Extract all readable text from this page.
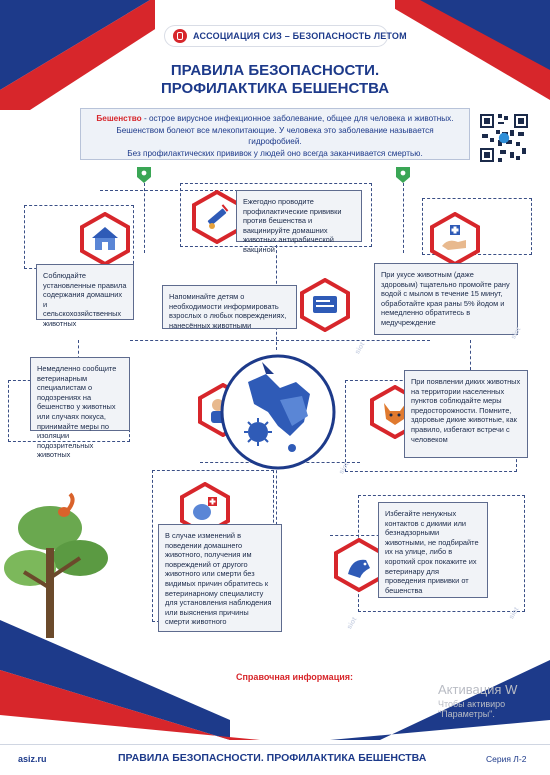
АССОЦИАЦИЯ СИЗ – БЕЗОПАСНОСТЬ ЛЕТОМ
ПРАВИЛА БЕЗОПАСНОСТИ.
ПРОФИЛАКТИКА БЕШЕНСТВА
Бешенство - острое вирусное инфекционное заболевание, общее для человека и животных.
Бешенством болеют все млекопитающие. У человека это заболевание называется гидрофобией.
Без профилактических прививок у людей оно всегда заканчивается смертью.
Ежегодно проводите профилактические прививки против бешенства и вакцинируйте домашних животных антирабической вакциной
Соблюдайте установленные правила содержания домашних и сельскохозяйственных животных
Напоминайте детям о необходимости информировать взрослых о любых повреждениях, нанесённых животными
При укусе животным (даже здоровым) тщательно промойте рану водой с мылом в течение 15 минут, обработайте края раны 5% йодом и немедленно обратитесь в медучреждение
Немедленно сообщите ветеринарным специалистам о подозрениях на бешенство у животных или случаях покуса, принимайте меры по изоляции подозрительных животных
При появлении диких животных на территории населенных пунктов соблюдайте меры предосторожности. Помните, здоровые дикие животные, как правило, избегают встречи с человеком
В случае изменений в поведении домашнего животного, получения им повреждений от другого животного или смерти без видимых причин обратитесь к ветеринарному специалисту для установления наблюдения или выяснения причины смерти животного
Избегайте ненужных контактов с дикими или безнадзорными животными, не подбирайте их на улице, либо в короткий срок покажите их ветеринару для проведения прививки от бешенства
siot
siot
siot
siot
siot
Справочная информация:
Активация W
Чтобы активиро
"Параметры".
asiz.ru	ПРАВИЛА БЕЗОПАСНОСТИ. ПРОФИЛАКТИКА БЕШЕНСТВА	Серия Л-2
